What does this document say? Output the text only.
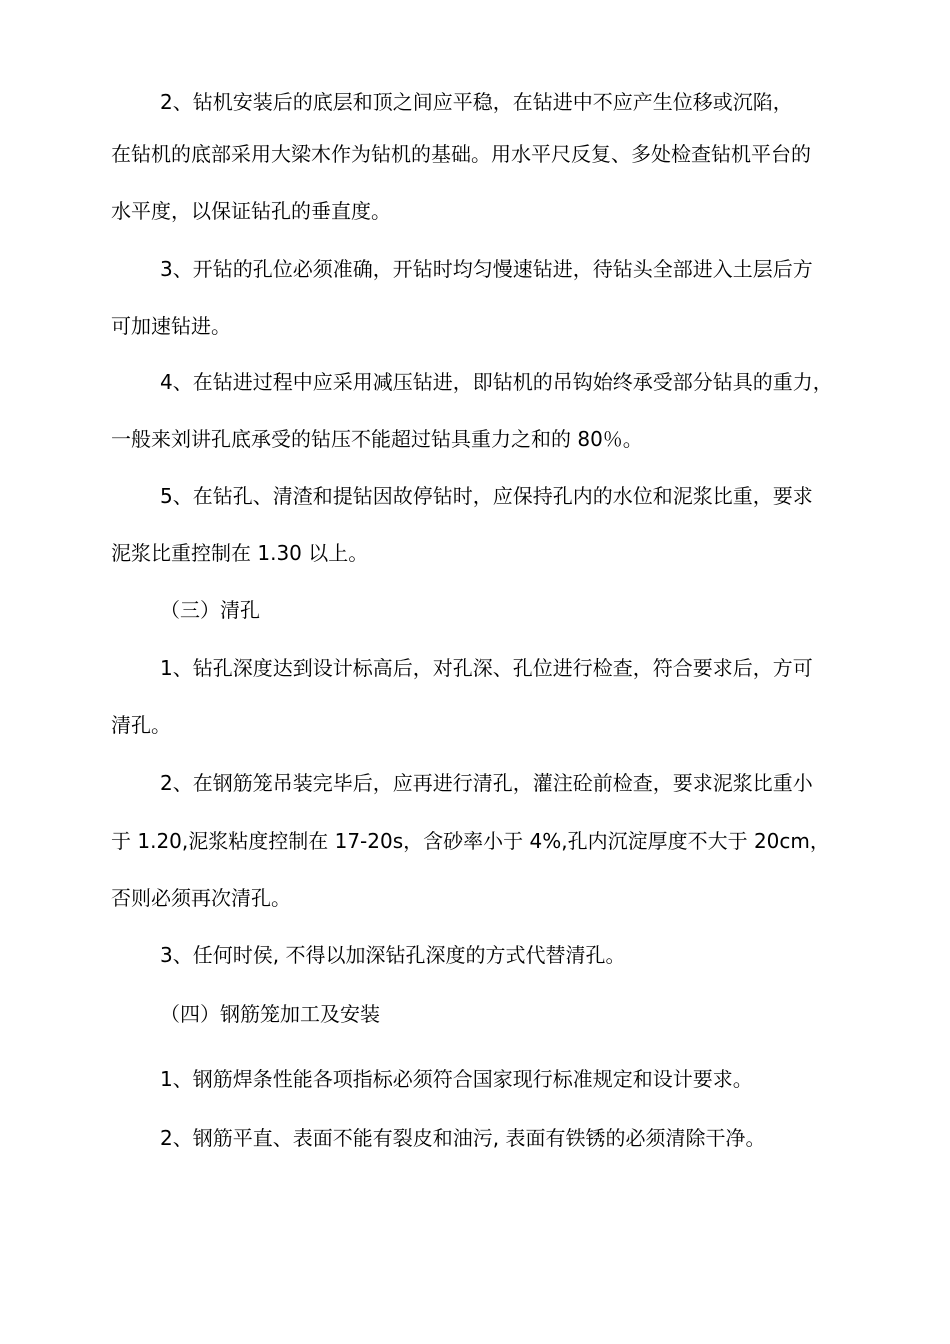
2、钻机安装后的底层和顶之间应平稳，在钻进中不应产生位移或沉陷，
在钻机的底部采用大梁木作为钻机的基础。用水平尺反复、多处检查钻机平台的
水平度，以保证钻孔的垂直度。
3、开钻的孔位必须准确，开钻时均匀慢速钻进，待钻头全部进入土层后方
可加速钻进。
4、在钻进过程中应采用减压钻进，即钻机的吊钩始终承受部分钻具的重力，
一般来刘讲孔底承受的钻压不能超过钻具重力之和的 80％。
5、在钻孔、清渣和提钻因故停钻时，应保持孔内的水位和泥浆比重，要求
泥浆比重控制在 1.30 以上。
（三）清孔
1、钻孔深度达到设计标高后，对孔深、孔位进行检查，符合要求后，方可
清孔。
2、在钢筋笼吊装完毕后，应再进行清孔，灌注砼前检查，要求泥浆比重小
于 1.20,泥浆粘度控制在 17-20s，含砂率小于 4%,孔内沉淀厚度不大于 20cm，
否则必须再次清孔。
3、任何时侯, 不得以加深钻孔深度的方式代替清孔。
（四）钢筋笼加工及安装
1、钢筋焊条性能各项指标必须符合国家现行标准规定和设计要求。
2、钢筋平直、表面不能有裂皮和油污, 表面有铁锈的必须清除干净。
